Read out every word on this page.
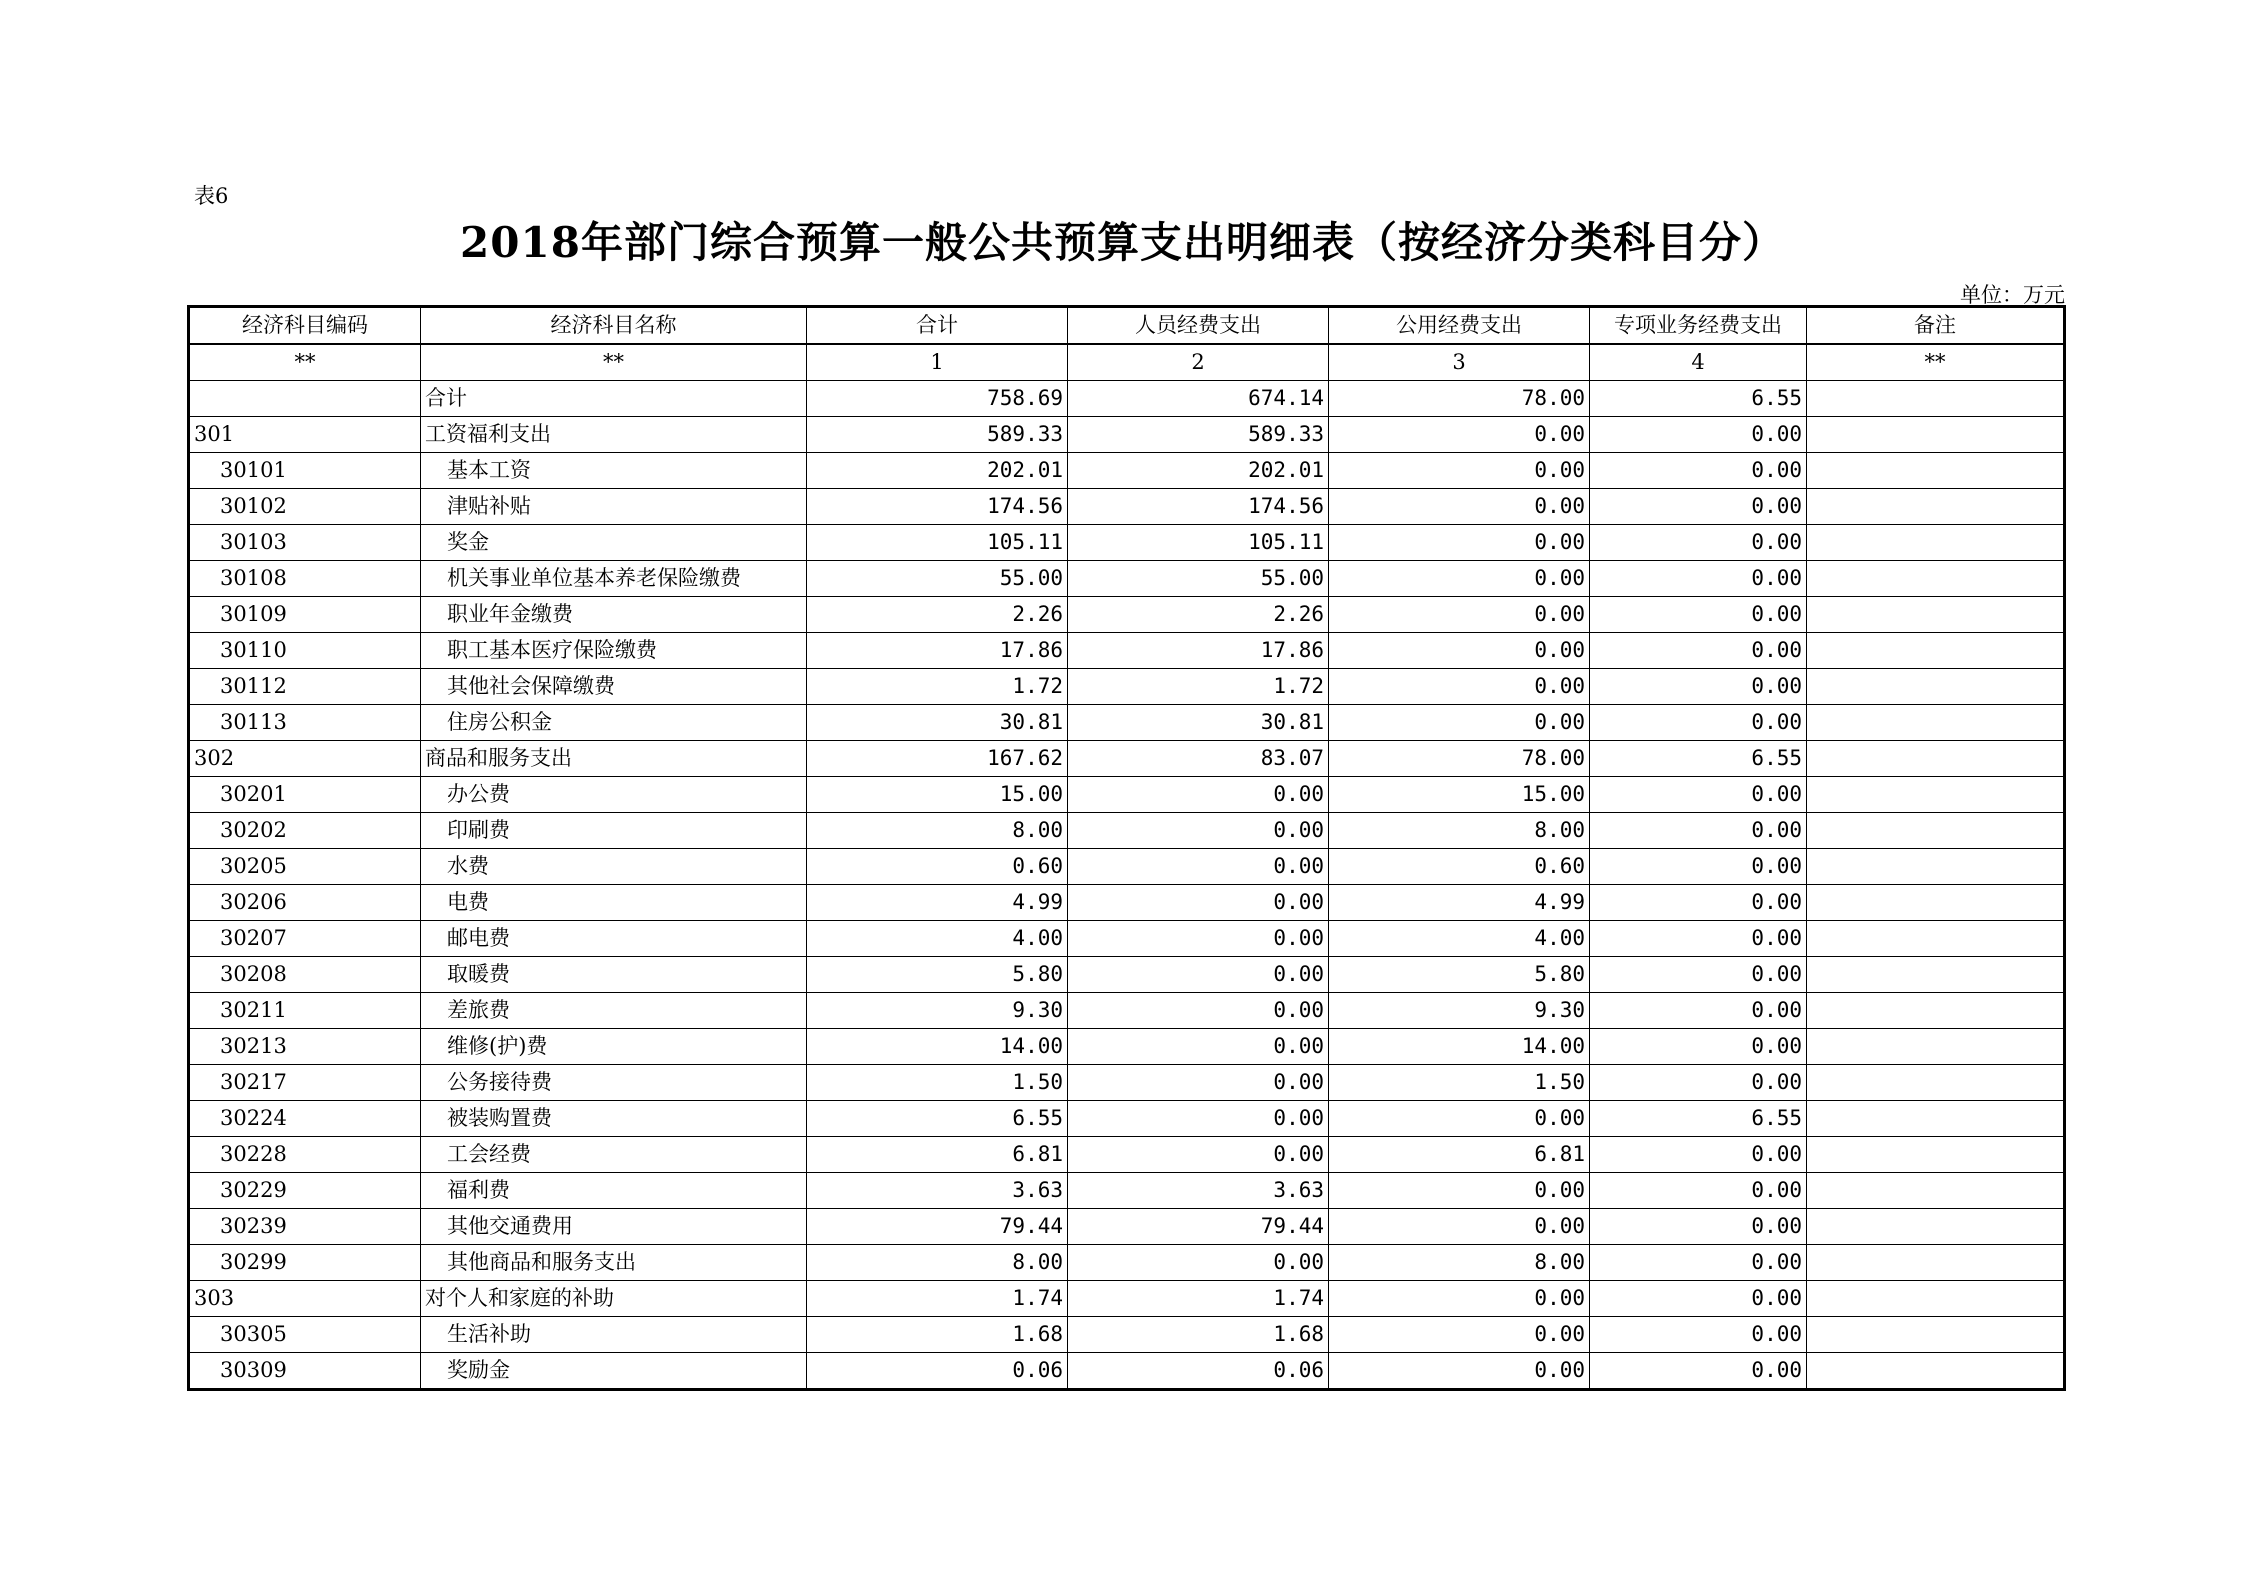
表6
2018年部门综合预算一般公共预算支出明细表（按经济分类科目分）
单位：万元
经济科目编码	经济科目名称	合计	人员经费支出	公用经费支出	专项业务经费支出	备注
**	**	1	2	3	4	**
	合计	758.69	674.14	78.00	6.55	
301	工资福利支出	589.33	589.33	0.00	0.00	
30101	基本工资	202.01	202.01	0.00	0.00	
30102	津贴补贴	174.56	174.56	0.00	0.00	
30103	奖金	105.11	105.11	0.00	0.00	
30108	机关事业单位基本养老保险缴费	55.00	55.00	0.00	0.00	
30109	职业年金缴费	2.26	2.26	0.00	0.00	
30110	职工基本医疗保险缴费	17.86	17.86	0.00	0.00	
30112	其他社会保障缴费	1.72	1.72	0.00	0.00	
30113	住房公积金	30.81	30.81	0.00	0.00	
302	商品和服务支出	167.62	83.07	78.00	6.55	
30201	办公费	15.00	0.00	15.00	0.00	
30202	印刷费	8.00	0.00	8.00	0.00	
30205	水费	0.60	0.00	0.60	0.00	
30206	电费	4.99	0.00	4.99	0.00	
30207	邮电费	4.00	0.00	4.00	0.00	
30208	取暖费	5.80	0.00	5.80	0.00	
30211	差旅费	9.30	0.00	9.30	0.00	
30213	维修(护)费	14.00	0.00	14.00	0.00	
30217	公务接待费	1.50	0.00	1.50	0.00	
30224	被装购置费	6.55	0.00	0.00	6.55	
30228	工会经费	6.81	0.00	6.81	0.00	
30229	福利费	3.63	3.63	0.00	0.00	
30239	其他交通费用	79.44	79.44	0.00	0.00	
30299	其他商品和服务支出	8.00	0.00	8.00	0.00	
303	对个人和家庭的补助	1.74	1.74	0.00	0.00	
30305	生活补助	1.68	1.68	0.00	0.00	
30309	奖励金	0.06	0.06	0.00	0.00	
